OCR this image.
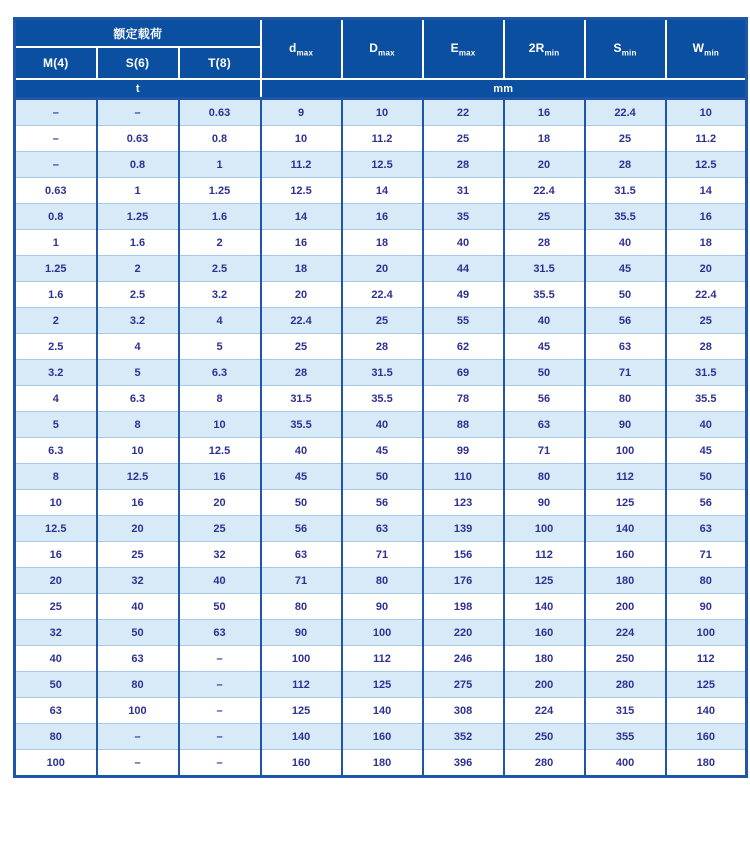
额定载荷			$d_{max}$	$D_{max}$	$E_{max}$	$2R_{min}$	$S_{min}$	$W_{min}$
M(4)	S(6)	T(8)						
t			mm					
–	–	0.63	9	10	22	16	22.4	10
–	0.63	0.8	10	11.2	25	18	25	11.2
–	0.8	1	11.2	12.5	28	20	28	12.5
0.63	1	1.25	12.5	14	31	22.4	31.5	14
0.8	1.25	1.6	14	16	35	25	35.5	16
1	1.6	2	16	18	40	28	40	18
1.25	2	2.5	18	20	44	31.5	45	20
1.6	2.5	3.2	20	22.4	49	35.5	50	22.4
2	3.2	4	22.4	25	55	40	56	25
2.5	4	5	25	28	62	45	63	28
3.2	5	6.3	28	31.5	69	50	71	31.5
4	6.3	8	31.5	35.5	78	56	80	35.5
5	8	10	35.5	40	88	63	90	40
6.3	10	12.5	40	45	99	71	100	45
8	12.5	16	45	50	110	80	112	50
10	16	20	50	56	123	90	125	56
12.5	20	25	56	63	139	100	140	63
16	25	32	63	71	156	112	160	71
20	32	40	71	80	176	125	180	80
25	40	50	80	90	198	140	200	90
32	50	63	90	100	220	160	224	100
40	63	–	100	112	246	180	250	112
50	80	–	112	125	275	200	280	125
63	100	–	125	140	308	224	315	140
80	–	–	140	160	352	250	355	160
100	–	–	160	180	396	280	400	180
